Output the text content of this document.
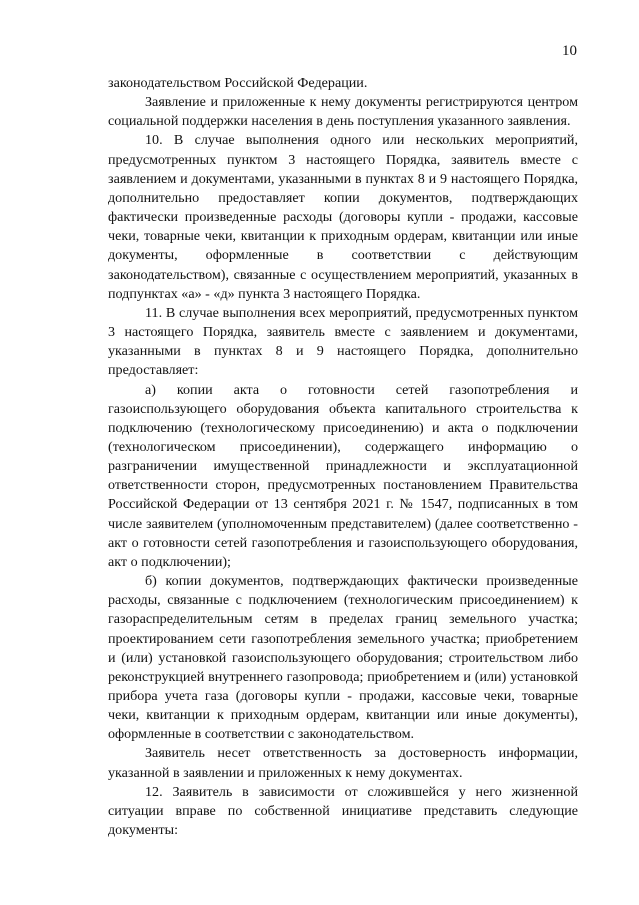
10

законодательством Российской Федерации.

Заявление и приложенные к нему документы регистрируются центром социальной поддержки населения в день поступления указанного заявления.

10. В случае выполнения одного или нескольких мероприятий, предусмотренных пунктом 3 настоящего Порядка, заявитель вместе с заявлением и документами, указанными в пунктах 8 и 9 настоящего Порядка, дополнительно предоставляет копии документов, подтверждающих фактически произведенные расходы (договоры купли - продажи, кассовые чеки, товарные чеки, квитанции к приходным ордерам, квитанции или иные документы, оформленные в соответствии с действующим законодательством), связанные с осуществлением мероприятий, указанных в подпунктах «а» - «д» пункта 3 настоящего Порядка.

11. В случае выполнения всех мероприятий, предусмотренных пунктом 3 настоящего Порядка, заявитель вместе с заявлением и документами, указанными в пунктах 8 и 9 настоящего Порядка, дополнительно предоставляет:

а) копии акта о готовности сетей газопотребления и газоиспользующего оборудования объекта капитального строительства к подключению (технологическому присоединению) и акта о подключении (технологическом присоединении), содержащего информацию о разграничении имущественной принадлежности и эксплуатационной ответственности сторон, предусмотренных постановлением Правительства Российской Федерации от 13 сентября 2021 г. № 1547, подписанных в том числе заявителем (уполномоченным представителем) (далее соответственно - акт о готовности сетей газопотребления и газоиспользующего оборудования, акт о подключении);

б) копии документов, подтверждающих фактически произведенные расходы, связанные с подключением (технологическим присоединением) к газораспределительным сетям в пределах границ земельного участка; проектированием сети газопотребления земельного участка; приобретением и (или) установкой газоиспользующего оборудования; строительством либо реконструкцией внутреннего газопровода; приобретением и (или) установкой прибора учета газа (договоры купли - продажи, кассовые чеки, товарные чеки, квитанции к приходным ордерам, квитанции или иные документы), оформленные в соответствии с законодательством.

Заявитель несет ответственность за достоверность информации, указанной в заявлении и приложенных к нему документах.

12. Заявитель в зависимости от сложившейся у него жизненной ситуации вправе по собственной инициативе представить следующие документы:
